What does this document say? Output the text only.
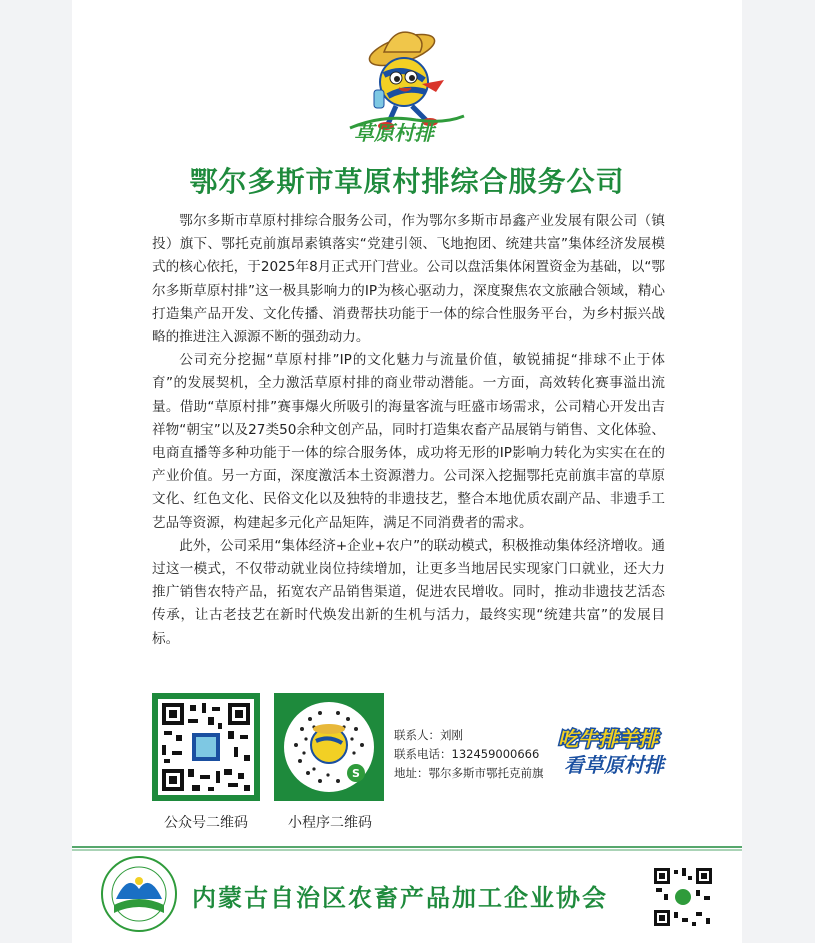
草原村排
鄂尔多斯市草原村排综合服务公司

鄂尔多斯市草原村排综合服务公司，作为鄂尔多斯市昂鑫产业发展有限公司（镇投）旗下、鄂托克前旗昂素镇落实“党建引领、飞地抱团、统建共富”集体经济发展模式的核心依托，于2025年8月正式开门营业。公司以盘活集体闲置资金为基础，以“鄂尔多斯草原村排”这一极具影响力的IP为核心驱动力，深度聚焦农文旅融合领域，精心打造集产品开发、文化传播、消费帮扶功能于一体的综合性服务平台，为乡村振兴战略的推进注入源源不断的强劲动力。

公司充分挖掘“草原村排”IP的文化魅力与流量价值，敏锐捕捉“排球不止于体育”的发展契机，全力激活草原村排的商业带动潜能。一方面，高效转化赛事溢出流量。借助“草原村排”赛事爆火所吸引的海量客流与旺盛市场需求，公司精心开发出吉祥物“朝宝”以及27类50余种文创产品，同时打造集农畜产品展销与销售、文化体验、电商直播等多种功能于一体的综合服务体，成功将无形的IP影响力转化为实实在在的产业价值。另一方面，深度激活本土资源潜力。公司深入挖掘鄂托克前旗丰富的草原文化、红色文化、民俗文化以及独特的非遗技艺，整合本地优质农副产品、非遗手工艺品等资源，构建起多元化产品矩阵，满足不同消费者的需求。

此外，公司采用“集体经济+企业+农户”的联动模式，积极推动集体经济增收。通过这一模式，不仅带动就业岗位持续增加，让更多当地居民实现家门口就业，还大力推广销售农特产品，拓宽农产品销售渠道，促进农民增收。同时，推动非遗技艺活态传承，让古老技艺在新时代焕发出新的生机与活力，最终实现“统建共富”的发展目标。

公众号二维码
S
小程序二维码
联系人：刘刚
联系电话：132459000666
地址：鄂尔多斯市鄂托克前旗
吃牛排羊排
看草原村排
内蒙古自治区农畜产品加工企业协会
